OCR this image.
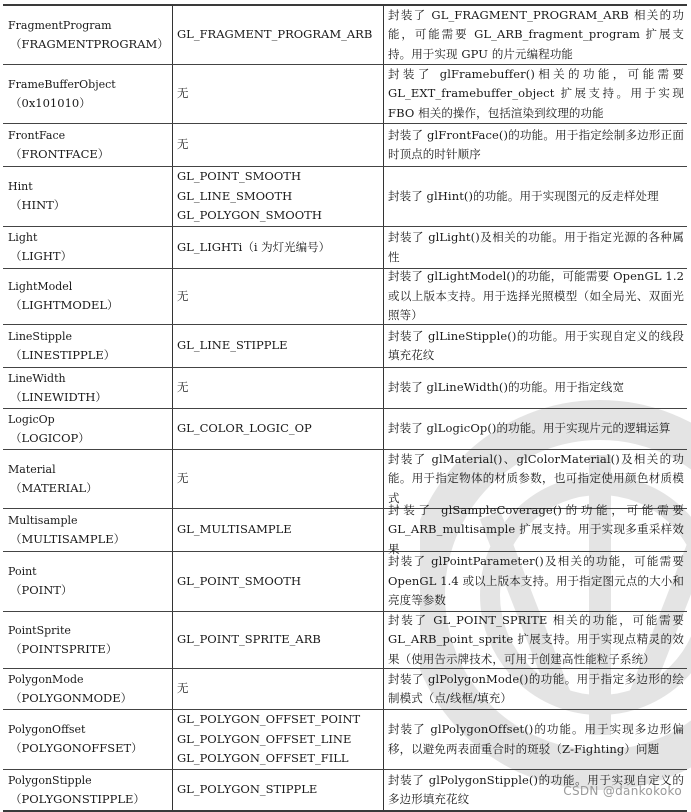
FragmentProgram
（FRAGMENTPROGRAM）
GL_FRAGMENT_PROGRAM_ARB
封装了 GL_FRAGMENT_PROGRAM_ARB 相关的功能，可能需要 GL_ARB_fragment_program 扩展支持。用于实现 GPU 的片元编程功能
FrameBufferObject
（0x101010）
无
封装了 glFramebuffer()相关的功能，可能需要 GL_EXT_framebuffer_object 扩展支持。用于实现 FBO 相关的操作，包括渲染到纹理的功能
FrontFace
（FRONTFACE）
无
封装了 glFrontFace()的功能。用于指定绘制多边形正面时顶点的时针顺序
Hint
（HINT）
GL_POINT_SMOOTH
GL_LINE_SMOOTH
GL_POLYGON_SMOOTH
封装了 glHint()的功能。用于实现图元的反走样处理
Light
（LIGHT）
GL_LIGHTi（i 为灯光编号）
封装了 glLight()及相关的功能。用于指定光源的各种属性
LightModel
（LIGHTMODEL）
无
封装了 glLightModel()的功能，可能需要 OpenGL 1.2 或以上版本支持。用于选择光照模型（如全局光、双面光照等）
LineStipple
（LINESTIPPLE）
GL_LINE_STIPPLE
封装了 glLineStipple()的功能。用于实现自定义的线段填充花纹
LineWidth
（LINEWIDTH）
无	封装了 glLineWidth()的功能。用于指定线宽
LogicOp
（LOGICOP）
GL_COLOR_LOGIC_OP	封装了 glLogicOp()的功能。用于实现片元的逻辑运算
Material
（MATERIAL）
无
封装了 glMaterial()、glColorMaterial()及相关的功能。用于指定物体的材质参数，也可指定使用颜色材质模式
Multisample
（MULTISAMPLE）
GL_MULTISAMPLE
封装了 glSampleCoverage()的功能，可能需要 GL_ARB_multisample 扩展支持。用于实现多重采样效果
Point
（POINT）
GL_POINT_SMOOTH
封装了 glPointParameter()及相关的功能，可能需要 OpenGL 1.4 或以上版本支持。用于指定图元点的大小和亮度等参数
PointSprite
（POINTSPRITE）
GL_POINT_SPRITE_ARB
封装了 GL_POINT_SPRITE 相关的功能，可能需要 GL_ARB_point_sprite 扩展支持。用于实现点精灵的效果（使用告示牌技术，可用于创建高性能粒子系统）
PolygonMode
（POLYGONMODE）
无
封装了 glPolygonMode()的功能。用于指定多边形的绘制模式（点/线框/填充）
PolygonOffset
（POLYGONOFFSET）
GL_POLYGON_OFFSET_POINT
GL_POLYGON_OFFSET_LINE
GL_POLYGON_OFFSET_FILL
封装了 glPolygonOffset()的功能。用于实现多边形偏移，以避免两表面重合时的斑驳（Z-Fighting）问题
PolygonStipple
（POLYGONSTIPPLE）
GL_POLYGON_STIPPLE
封装了 glPolygonStipple()的功能。用于实现自定义的多边形填充花纹
CSDN @dankokoko
